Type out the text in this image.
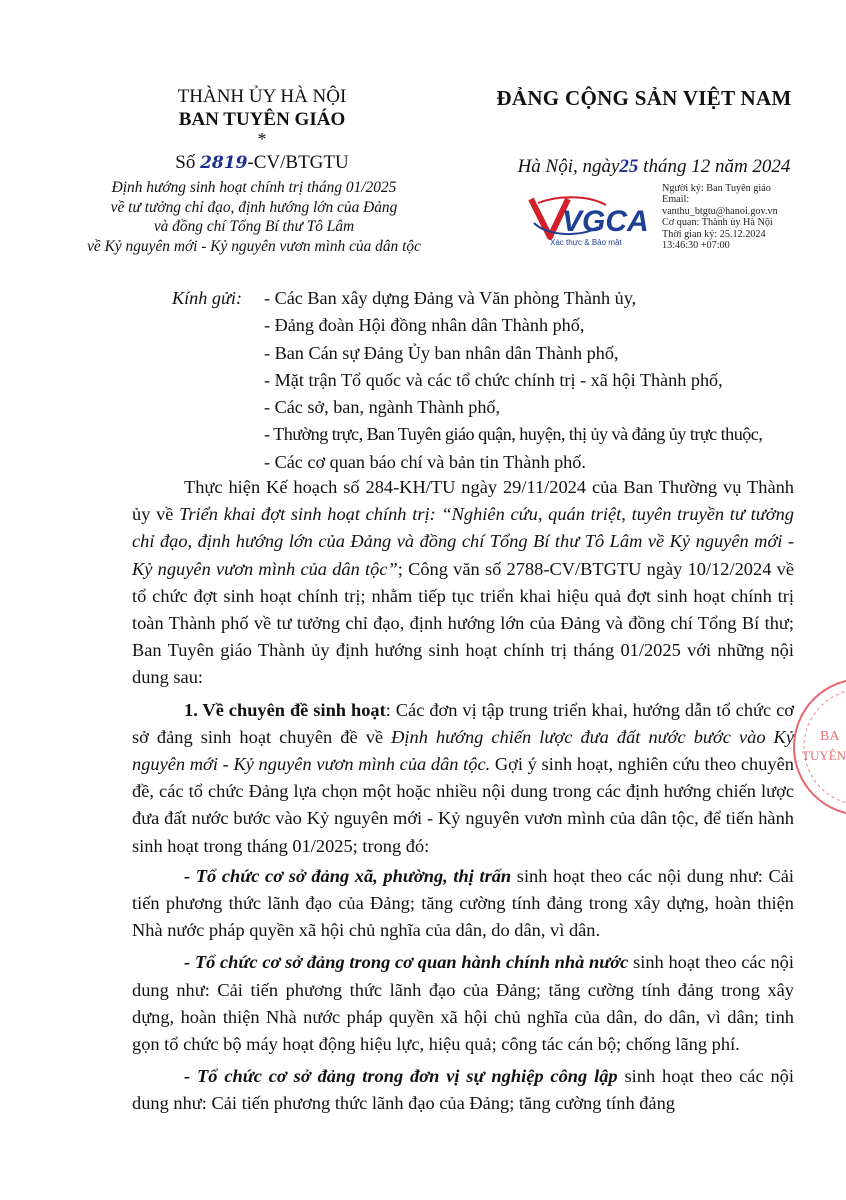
THÀNH ỦY HÀ NỘI
BAN TUYÊN GIÁO
*
Số 2819-CV/BTGTU
Định hướng sinh hoạt chính trị tháng 01/2025
về tư tưởng chỉ đạo, định hướng lớn của Đảng
và đồng chí Tổng Bí thư Tô Lâm
về Kỷ nguyên mới - Kỷ nguyên vươn mình của dân tộc
ĐẢNG CỘNG SẢN VIỆT NAM
Hà Nội, ngày25 tháng 12 năm 2024
VGCA
Xác thực & Bảo mật
Người ký: Ban Tuyên giáo
Email:
vanthu_btgtu@hanoi.gov.vn
Cơ quan: Thành ủy Hà Nội
Thời gian ký: 25.12.2024
13:46:30 +07:00
Kính gửi: - Các Ban xây dựng Đảng và Văn phòng Thành ủy,
- Đảng đoàn Hội đồng nhân dân Thành phố,
- Ban Cán sự Đảng Ủy ban nhân dân Thành phố,
- Mặt trận Tổ quốc và các tổ chức chính trị - xã hội Thành phố,
- Các sở, ban, ngành Thành phố,
- Thường trực, Ban Tuyên giáo quận, huyện, thị ủy và đảng ủy trực thuộc,
- Các cơ quan báo chí và bản tin Thành phố.

Thực hiện Kế hoạch số 284-KH/TU ngày 29/11/2024 của Ban Thường vụ Thành ủy về Triển khai đợt sinh hoạt chính trị: “Nghiên cứu, quán triệt, tuyên truyền tư tưởng chỉ đạo, định hướng lớn của Đảng và đồng chí Tổng Bí thư Tô Lâm về Kỷ nguyên mới - Kỷ nguyên vươn mình của dân tộc”; Công văn số 2788-CV/BTGTU ngày 10/12/2024 về tổ chức đợt sinh hoạt chính trị; nhằm tiếp tục triển khai hiệu quả đợt sinh hoạt chính trị toàn Thành phố về tư tưởng chỉ đạo, định hướng lớn của Đảng và đồng chí Tổng Bí thư; Ban Tuyên giáo Thành ủy định hướng sinh hoạt chính trị tháng 01/2025 với những nội dung sau:

1. Về chuyên đề sinh hoạt: Các đơn vị tập trung triển khai, hướng dẫn tổ chức cơ sở đảng sinh hoạt chuyên đề về Định hướng chiến lược đưa đất nước bước vào Kỷ nguyên mới - Kỷ nguyên vươn mình của dân tộc. Gợi ý sinh hoạt, nghiên cứu theo chuyên đề, các tổ chức Đảng lựa chọn một hoặc nhiều nội dung trong các định hướng chiến lược đưa đất nước bước vào Kỷ nguyên mới - Kỷ nguyên vươn mình của dân tộc, để tiến hành sinh hoạt trong tháng 01/2025; trong đó:

- Tổ chức cơ sở đảng xã, phường, thị trấn sinh hoạt theo các nội dung như: Cải tiến phương thức lãnh đạo của Đảng; tăng cường tính đảng trong xây dựng, hoàn thiện Nhà nước pháp quyền xã hội chủ nghĩa của dân, do dân, vì dân.

- Tổ chức cơ sở đảng trong cơ quan hành chính nhà nước sinh hoạt theo các nội dung như: Cải tiến phương thức lãnh đạo của Đảng; tăng cường tính đảng trong xây dựng, hoàn thiện Nhà nước pháp quyền xã hội chủ nghĩa của dân, do dân, vì dân; tinh gọn tổ chức bộ máy hoạt động hiệu lực, hiệu quả; công tác cán bộ; chống lãng phí.

- Tổ chức cơ sở đảng trong đơn vị sự nghiệp công lập sinh hoạt theo các nội dung như: Cải tiến phương thức lãnh đạo của Đảng; tăng cường tính đảng

BA
TUYÊN
